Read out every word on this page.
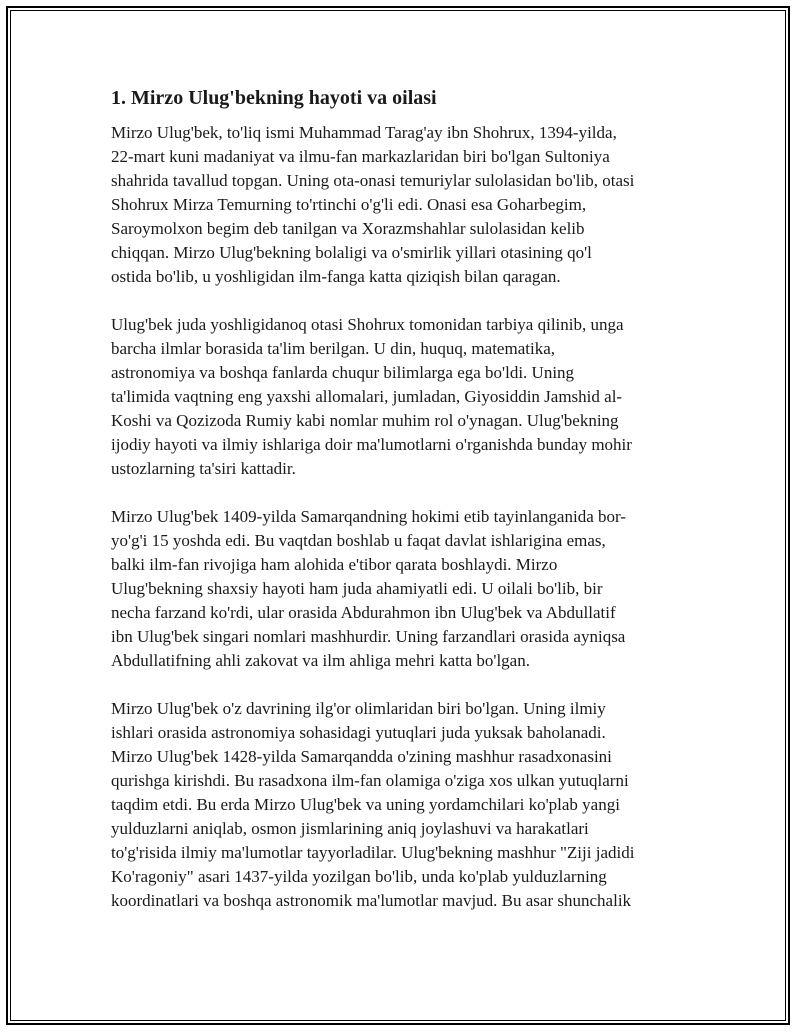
1. Mirzo Ulug'bekning hayoti va oilasi

Mirzo Ulug'bek, to'liq ismi Muhammad Tarag'ay ibn Shohrux, 1394-yilda,
22-mart kuni madaniyat va ilmu-fan markazlaridan biri bo'lgan Sultoniya
shahrida tavallud topgan. Uning ota-onasi temuriylar sulolasidan bo'lib, otasi
Shohrux Mirza Temurning to'rtinchi o'g'li edi. Onasi esa Goharbegim,
Saroymolxon begim deb tanilgan va Xorazmshahlar sulolasidan kelib
chiqqan. Mirzo Ulug'bekning bolaligi va o'smirlik yillari otasining qo'l
ostida bo'lib, u yoshligidan ilm-fanga katta qiziqish bilan qaragan.

Ulug'bek juda yoshligidanoq otasi Shohrux tomonidan tarbiya qilinib, unga
barcha ilmlar borasida ta'lim berilgan. U din, huquq, matematika,
astronomiya va boshqa fanlarda chuqur bilimlarga ega bo'ldi. Uning
ta'limida vaqtning eng yaxshi allomalari, jumladan, Giyosiddin Jamshid al-
Koshi va Qozizoda Rumiy kabi nomlar muhim rol o'ynagan. Ulug'bekning
ijodiy hayoti va ilmiy ishlariga doir ma'lumotlarni o'rganishda bunday mohir
ustozlarning ta'siri kattadir.

Mirzo Ulug'bek 1409-yilda Samarqandning hokimi etib tayinlanganida bor-
yo'g'i 15 yoshda edi. Bu vaqtdan boshlab u faqat davlat ishlarigina emas,
balki ilm-fan rivojiga ham alohida e'tibor qarata boshlaydi. Mirzo
Ulug'bekning shaxsiy hayoti ham juda ahamiyatli edi. U oilali bo'lib, bir
necha farzand ko'rdi, ular orasida Abdurahmon ibn Ulug'bek va Abdullatif
ibn Ulug'bek singari nomlari mashhurdir. Uning farzandlari orasida ayniqsa
Abdullatifning ahli zakovat va ilm ahliga mehri katta bo'lgan.

Mirzo Ulug'bek o'z davrining ilg'or olimlaridan biri bo'lgan. Uning ilmiy
ishlari orasida astronomiya sohasidagi yutuqlari juda yuksak baholanadi.
Mirzo Ulug'bek 1428-yilda Samarqandda o'zining mashhur rasadxonasini
qurishga kirishdi. Bu rasadxona ilm-fan olamiga o'ziga xos ulkan yutuqlarni
taqdim etdi. Bu erda Mirzo Ulug'bek va uning yordamchilari ko'plab yangi
yulduzlarni aniqlab, osmon jismlarining aniq joylashuvi va harakatlari
to'g'risida ilmiy ma'lumotlar tayyorladilar. Ulug'bekning mashhur "Ziji jadidi
Ko'ragoniy" asari 1437-yilda yozilgan bo'lib, unda ko'plab yulduzlarning
koordinatlari va boshqa astronomik ma'lumotlar mavjud. Bu asar shunchalik
